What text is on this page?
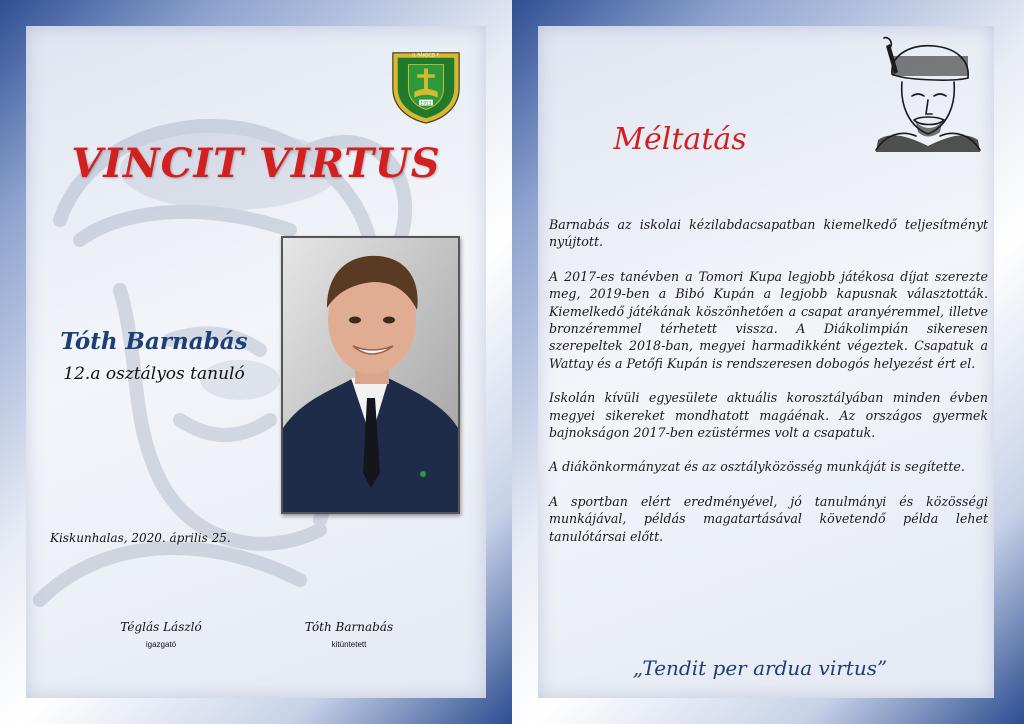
1913
II. RÁKÓCZI F.
VINCIT VIRTUS
Tóth Barnabás
12.a osztályos tanuló
Kiskunhalas, 2020. április 25.
Téglás László
igazgató
Tóth Barnabás
kitüntetett
Méltatás

Barnabás az iskolai kézilabdacsapatban kiemelkedő teljesítményt nyújtott.

A 2017-es tanévben a Tomori Kupa legjobb játékosa díjat szerezte meg, 2019-ben a Bibó Kupán a legjobb kapusnak választották. Kiemelkedő játékának köszönhetően a csapat aranyéremmel, illetve bronzéremmel térhetett vissza. A Diákolimpián sikeresen szerepeltek 2018-ban, megyei harmadikként végeztek. Csapatuk a Wattay és a Petőfi Kupán is rendszeresen dobogós helyezést ért el.

Iskolán kívüli egyesülete aktuális korosztályában minden évben megyei sikereket mondhatott magáénak. Az országos gyermek bajnokságon 2017-ben ezüstérmes volt a csapatuk.

A diákönkormányzat és az osztályközösség munkáját is segítette.

A sportban elért eredményével, jó tanulmányi és közösségi munkájával, példás magatartásával követendő példa lehet tanulótársai előtt.

„Tendit per ardua virtus”
